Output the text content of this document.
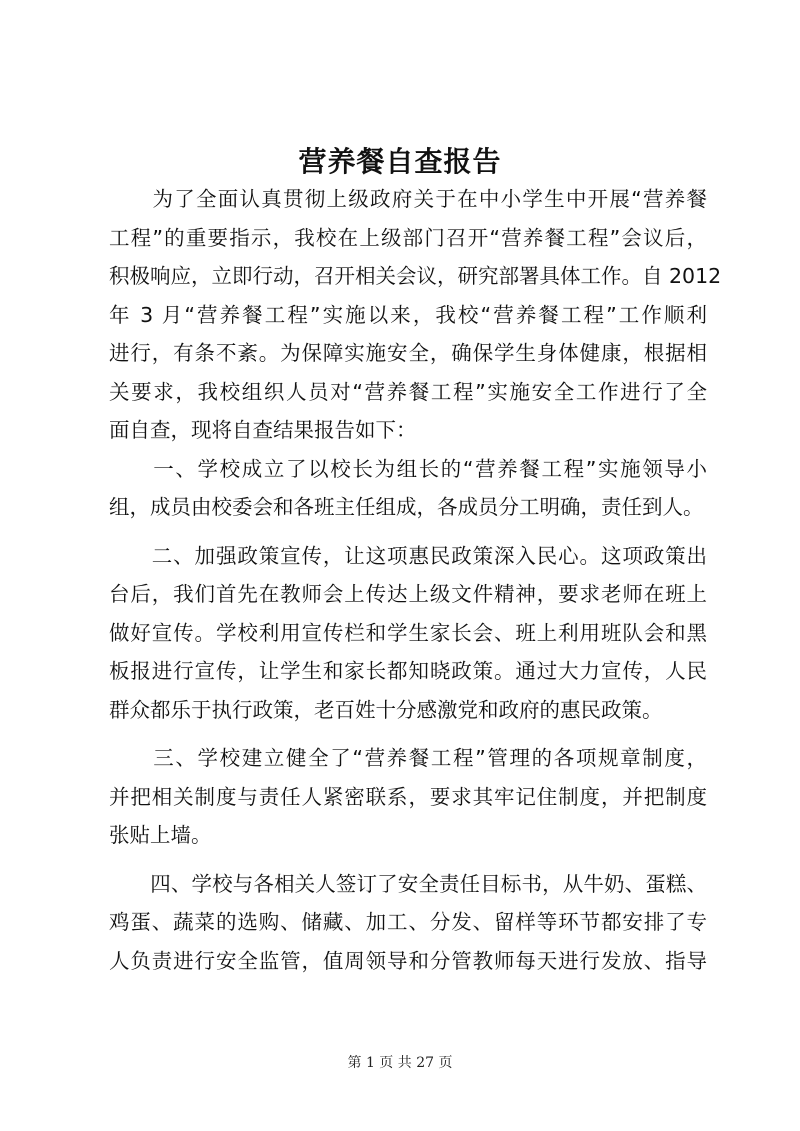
营养餐自查报告
　　为了全面认真贯彻上级政府关于在中小学生中开展“营养餐
工程”的重要指示，我校在上级部门召开“营养餐工程”会议后，
积极响应，立即行动，召开相关会议，研究部署具体工作。自 2012
年 3 月“营养餐工程”实施以来，我校“营养餐工程”工作顺利
进行，有条不紊。为保障实施安全，确保学生身体健康，根据相
关要求，我校组织人员对“营养餐工程”实施安全工作进行了全
面自查，现将自查结果报告如下：
　　一、学校成立了以校长为组长的“营养餐工程”实施领导小
组，成员由校委会和各班主任组成，各成员分工明确，责任到人。
　　二、加强政策宣传，让这项惠民政策深入民心。这项政策出
台后，我们首先在教师会上传达上级文件精神，要求老师在班上
做好宣传。学校利用宣传栏和学生家长会、班上利用班队会和黑
板报进行宣传，让学生和家长都知晓政策。通过大力宣传，人民
群众都乐于执行政策，老百姓十分感激党和政府的惠民政策。
　　三、学校建立健全了“营养餐工程”管理的各项规章制度，
并把相关制度与责任人紧密联系，要求其牢记住制度，并把制度
张贴上墙。
　　四、学校与各相关人签订了安全责任目标书，从牛奶、蛋糕、
鸡蛋、蔬菜的选购、储藏、加工、分发、留样等环节都安排了专
人负责进行安全监管，值周领导和分管教师每天进行发放、指导
第 1 页 共 27 页
